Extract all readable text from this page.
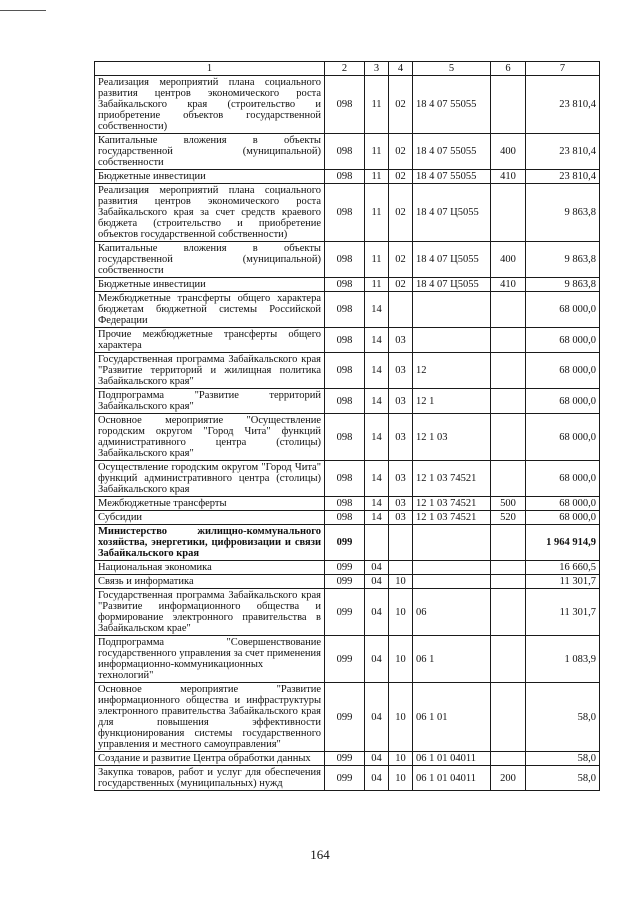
1	2	3	4	5	6	7
Реализация мероприятий плана социального развития центров экономического роста Забайкальского края (строительство и приобретение объектов государственной собственности)	098	11	02	18 4 07 55055		23 810,4
Капитальные вложения в объекты государственной (муниципальной) собственности	098	11	02	18 4 07 55055	400	23 810,4
Бюджетные инвестиции	098	11	02	18 4 07 55055	410	23 810,4
Реализация мероприятий плана социального развития центров экономического роста Забайкальского края за счет средств краевого бюджета (строительство и приобретение объектов государственной собственности)	098	11	02	18 4 07 Ц5055		9 863,8
Капитальные вложения в объекты государственной (муниципальной) собственности	098	11	02	18 4 07 Ц5055	400	9 863,8
Бюджетные инвестиции	098	11	02	18 4 07 Ц5055	410	9 863,8
Межбюджетные трансферты общего характера бюджетам бюджетной системы Российской Федерации	098	14				68 000,0
Прочие межбюджетные трансферты общего характера	098	14	03			68 000,0
Государственная программа Забайкальского края "Развитие территорий и жилищная политика Забайкальского края"	098	14	03	12		68 000,0
Подпрограмма "Развитие территорий Забайкальского края"	098	14	03	12 1		68 000,0
Основное мероприятие "Осуществление городским округом "Город Чита" функций административного центра (столицы) Забайкальского края"	098	14	03	12 1 03		68 000,0
Осуществление городским округом "Город Чита" функций административного центра (столицы) Забайкальского края	098	14	03	12 1 03 74521		68 000,0
Межбюджетные трансферты	098	14	03	12 1 03 74521	500	68 000,0
Субсидии	098	14	03	12 1 03 74521	520	68 000,0
Министерство жилищно-коммунального хозяйства, энергетики, цифровизации и связи Забайкальского края	099					1 964 914,9
Национальная экономика	099	04				16 660,5
Связь и информатика	099	04	10			11 301,7
Государственная программа Забайкальского края "Развитие информационного общества и формирование электронного правительства в Забайкальском крае"	099	04	10	06		11 301,7
Подпрограмма "Совершенствование государственного управления за счет применения информационно-коммуникационных технологий"	099	04	10	06 1		1 083,9
Основное мероприятие "Развитие информационного общества и инфраструктуры электронного правительства Забайкальского края для повышения эффективности функционирования системы государственного управления и местного самоуправления"	099	04	10	06 1 01		58,0
Создание и развитие Центра обработки данных	099	04	10	06 1 01 04011		58,0
Закупка товаров, работ и услуг для обеспечения государственных (муниципальных) нужд	099	04	10	06 1 01 04011	200	58,0
164
